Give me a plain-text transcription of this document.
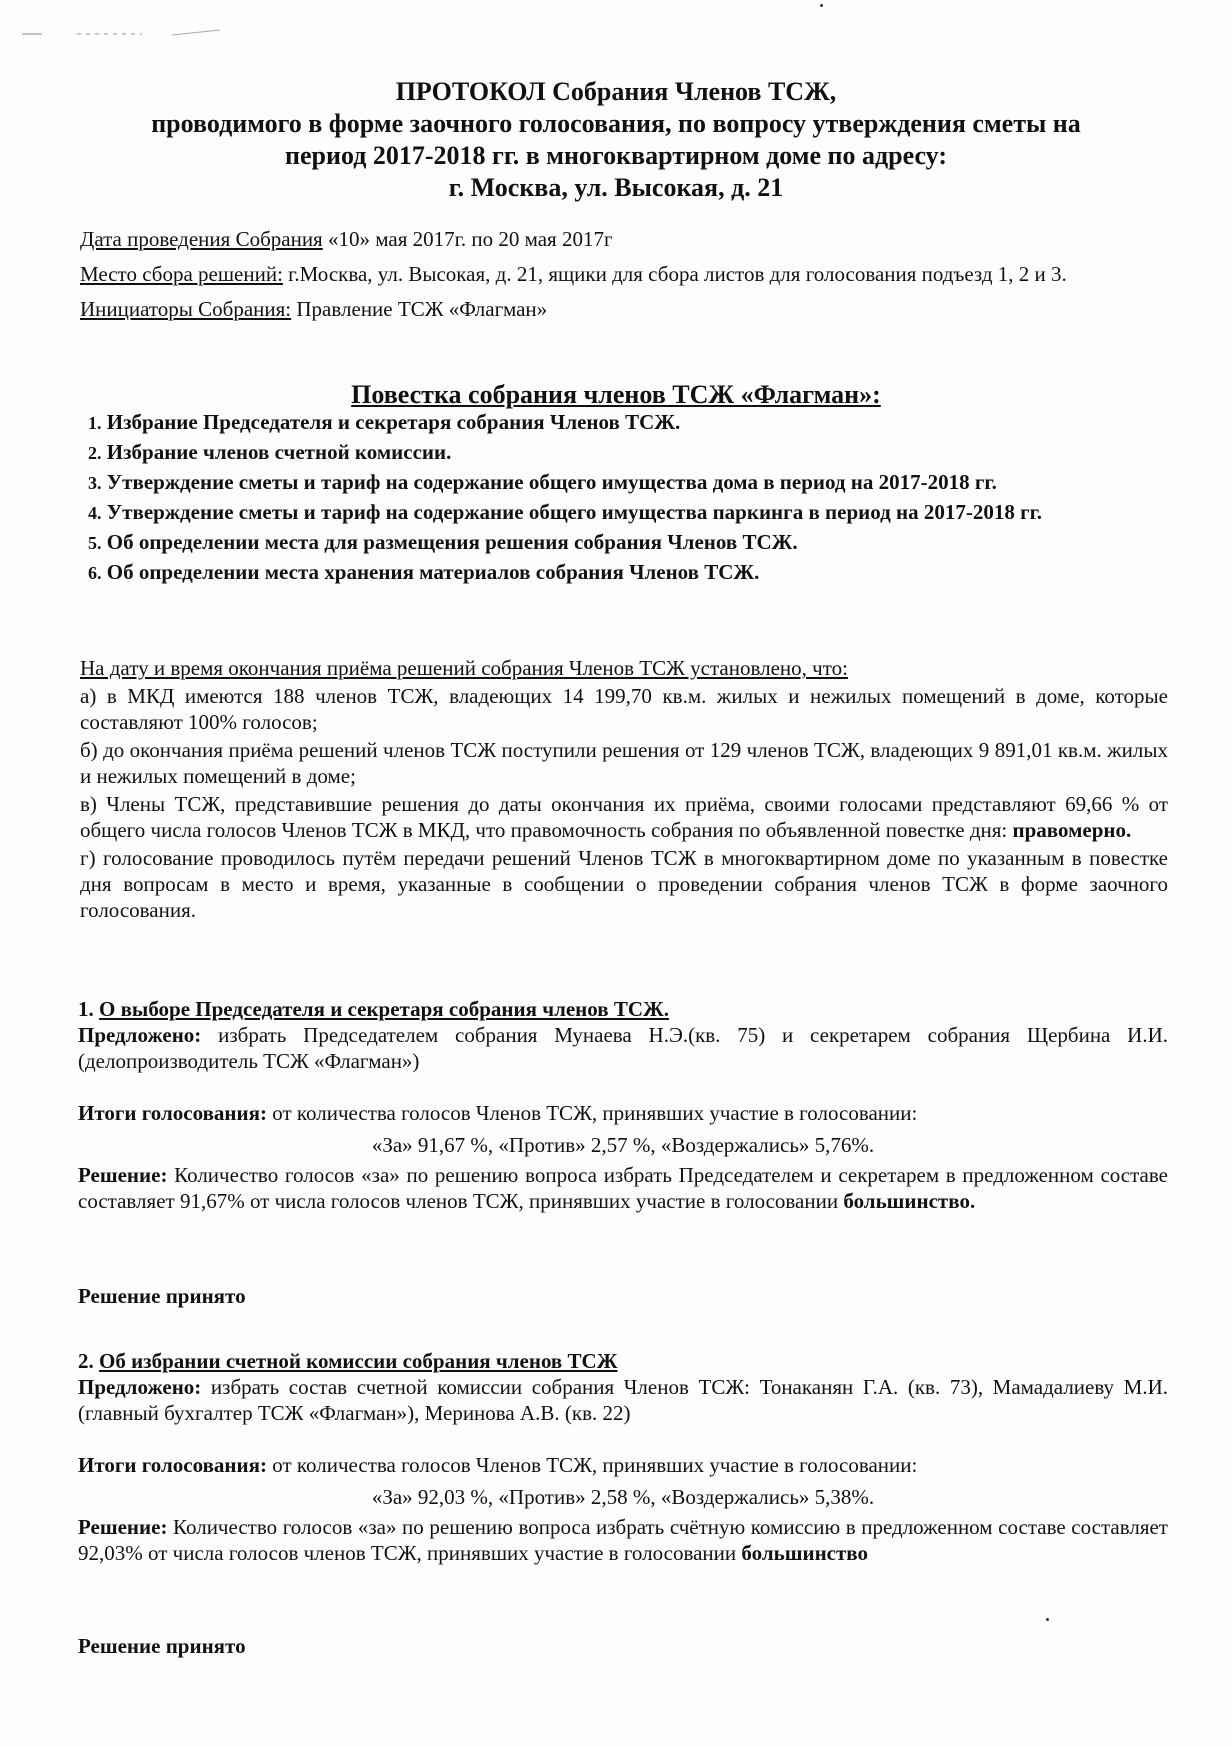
ПРОТОКОЛ Собрания Членов ТСЖ,
проводимого в форме заочного голосования, по вопросу утверждения сметы на
период 2017-2018 гг. в многоквартирном доме по адресу:
г. Москва, ул. Высокая, д. 21
Дата проведения Собрания «10» мая 2017г. по 20 мая 2017г
Место сбора решений: г.Москва, ул. Высокая, д. 21, ящики для сбора листов для голосования подъезд 1, 2 и 3.
Инициаторы Собрания: Правление ТСЖ «Флагман»
Повестка собрания членов ТСЖ «Флагман»:
1. Избрание Председателя и секретаря собрания Членов ТСЖ.
2. Избрание членов счетной комиссии.
3. Утверждение сметы и тариф на содержание общего имущества дома в период на 2017-2018 гг.
4. Утверждение сметы и тариф на содержание общего имущества паркинга в период на 2017-2018 гг.
5. Об определении места для размещения решения собрания Членов ТСЖ.
6. Об определении места хранения материалов собрания Членов ТСЖ.
На дату и время окончания приёма решений собрания Членов ТСЖ установлено, что:
а) в МКД имеются 188 членов ТСЖ, владеющих 14 199,70 кв.м. жилых и нежилых помещений в доме, которые составляют 100% голосов;
б) до окончания приёма решений членов ТСЖ поступили решения от 129 членов ТСЖ, владеющих 9 891,01 кв.м. жилых и нежилых помещений в доме;
в) Члены ТСЖ, представившие решения до даты окончания их приёма, своими голосами представляют 69,66 % от общего числа голосов Членов ТСЖ в МКД, что правомочность собрания по объявленной повестке дня: правомерно.
г) голосование проводилось путём передачи решений Членов ТСЖ в многоквартирном доме по указанным в повестке дня вопросам в место и время, указанные в сообщении о проведении собрания членов ТСЖ в форме заочного голосования.
1. О выборе Председателя и секретаря собрания членов ТСЖ.
Предложено: избрать Председателем собрания Мунаева Н.Э.(кв. 75) и секретарем собрания Щербина И.И.(делопроизводитель ТСЖ «Флагман»)
Итоги голосования: от количества голосов Членов ТСЖ, принявших участие в голосовании:
«За» 91,67 %, «Против» 2,57 %, «Воздержались» 5,76%.
Решение: Количество голосов «за» по решению вопроса избрать Председателем и секретарем в предложенном составе составляет 91,67% от числа голосов членов ТСЖ, принявших участие в голосовании большинство.
Решение принято
2. Об избрании счетной комиссии собрания членов ТСЖ
Предложено: избрать состав счетной комиссии собрания Членов ТСЖ: Тонаканян Г.А. (кв. 73), Мамадалиеву М.И. (главный бухгалтер ТСЖ «Флагман»), Меринова А.В. (кв. 22)
Итоги голосования: от количества голосов Членов ТСЖ, принявших участие в голосовании:
«За» 92,03 %, «Против» 2,58 %, «Воздержались» 5,38%.
Решение: Количество голосов «за» по решению вопроса избрать счётную комиссию в предложенном составе составляет 92,03% от числа голосов членов ТСЖ, принявших участие в голосовании большинство
Решение принято
